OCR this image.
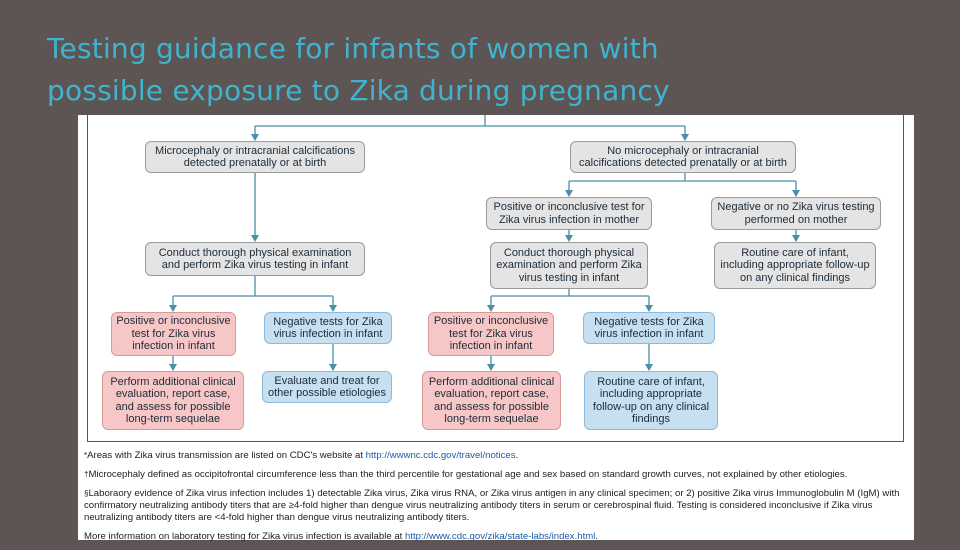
Testing guidance for infants of women with
possible exposure to Zika during pregnancy
Microcephaly or intracranial calcifications detected prenatally or at birth
Conduct thorough physical examination and perform Zika virus testing in infant
Positive or inconclusive test for Zika virus infection in infant
Negative tests for Zika virus infection in infant
Perform additional clinical evaluation, report case, and assess for possible long-term sequelae
Evaluate and treat for other possible etiologies
No microcephaly or intracranial calcifications detected prenatally or at birth
Positive or inconclusive test for Zika virus infection in mother
Negative or no Zika virus testing performed on mother
Conduct thorough physical examination and perform Zika virus testing in infant
Routine care of infant, including appropriate follow-up on any clinical findings
Positive or inconclusive test for Zika virus infection in infant
Negative tests for Zika virus infection in infant
Perform additional clinical evaluation, report case, and assess for possible long-term sequelae
Routine care of infant, including appropriate follow-up on any clinical findings
*Areas with Zika virus transmission are listed on CDC's website at http://wwwnc.cdc.gov/travel/notices.
†Microcephaly defined as occipitofrontal circumference less than the third percentile for gestational age and sex based on standard growth curves, not explained by other etiologies.
§Laboraory evidence of Zika virus infection includes 1) detectable Zika virus, Zika virus RNA, or Zika virus antigen in any clinical specimen; or 2) positive Zika virus Immunoglobulin M (IgM) with confirmatory neutralizing antibody titers that are ≥4-fold higher than dengue virus neutralizing antibody titers in serum or cerebrospinal fluid. Testing is considered inconclusive if Zika virus neutralizing antibody titers are <4-fold higher than dengue virus neutralizing antibody titers.
More information on laboratory testing for Zika virus infection is available at http://www.cdc.gov/zika/state-labs/index.html.
